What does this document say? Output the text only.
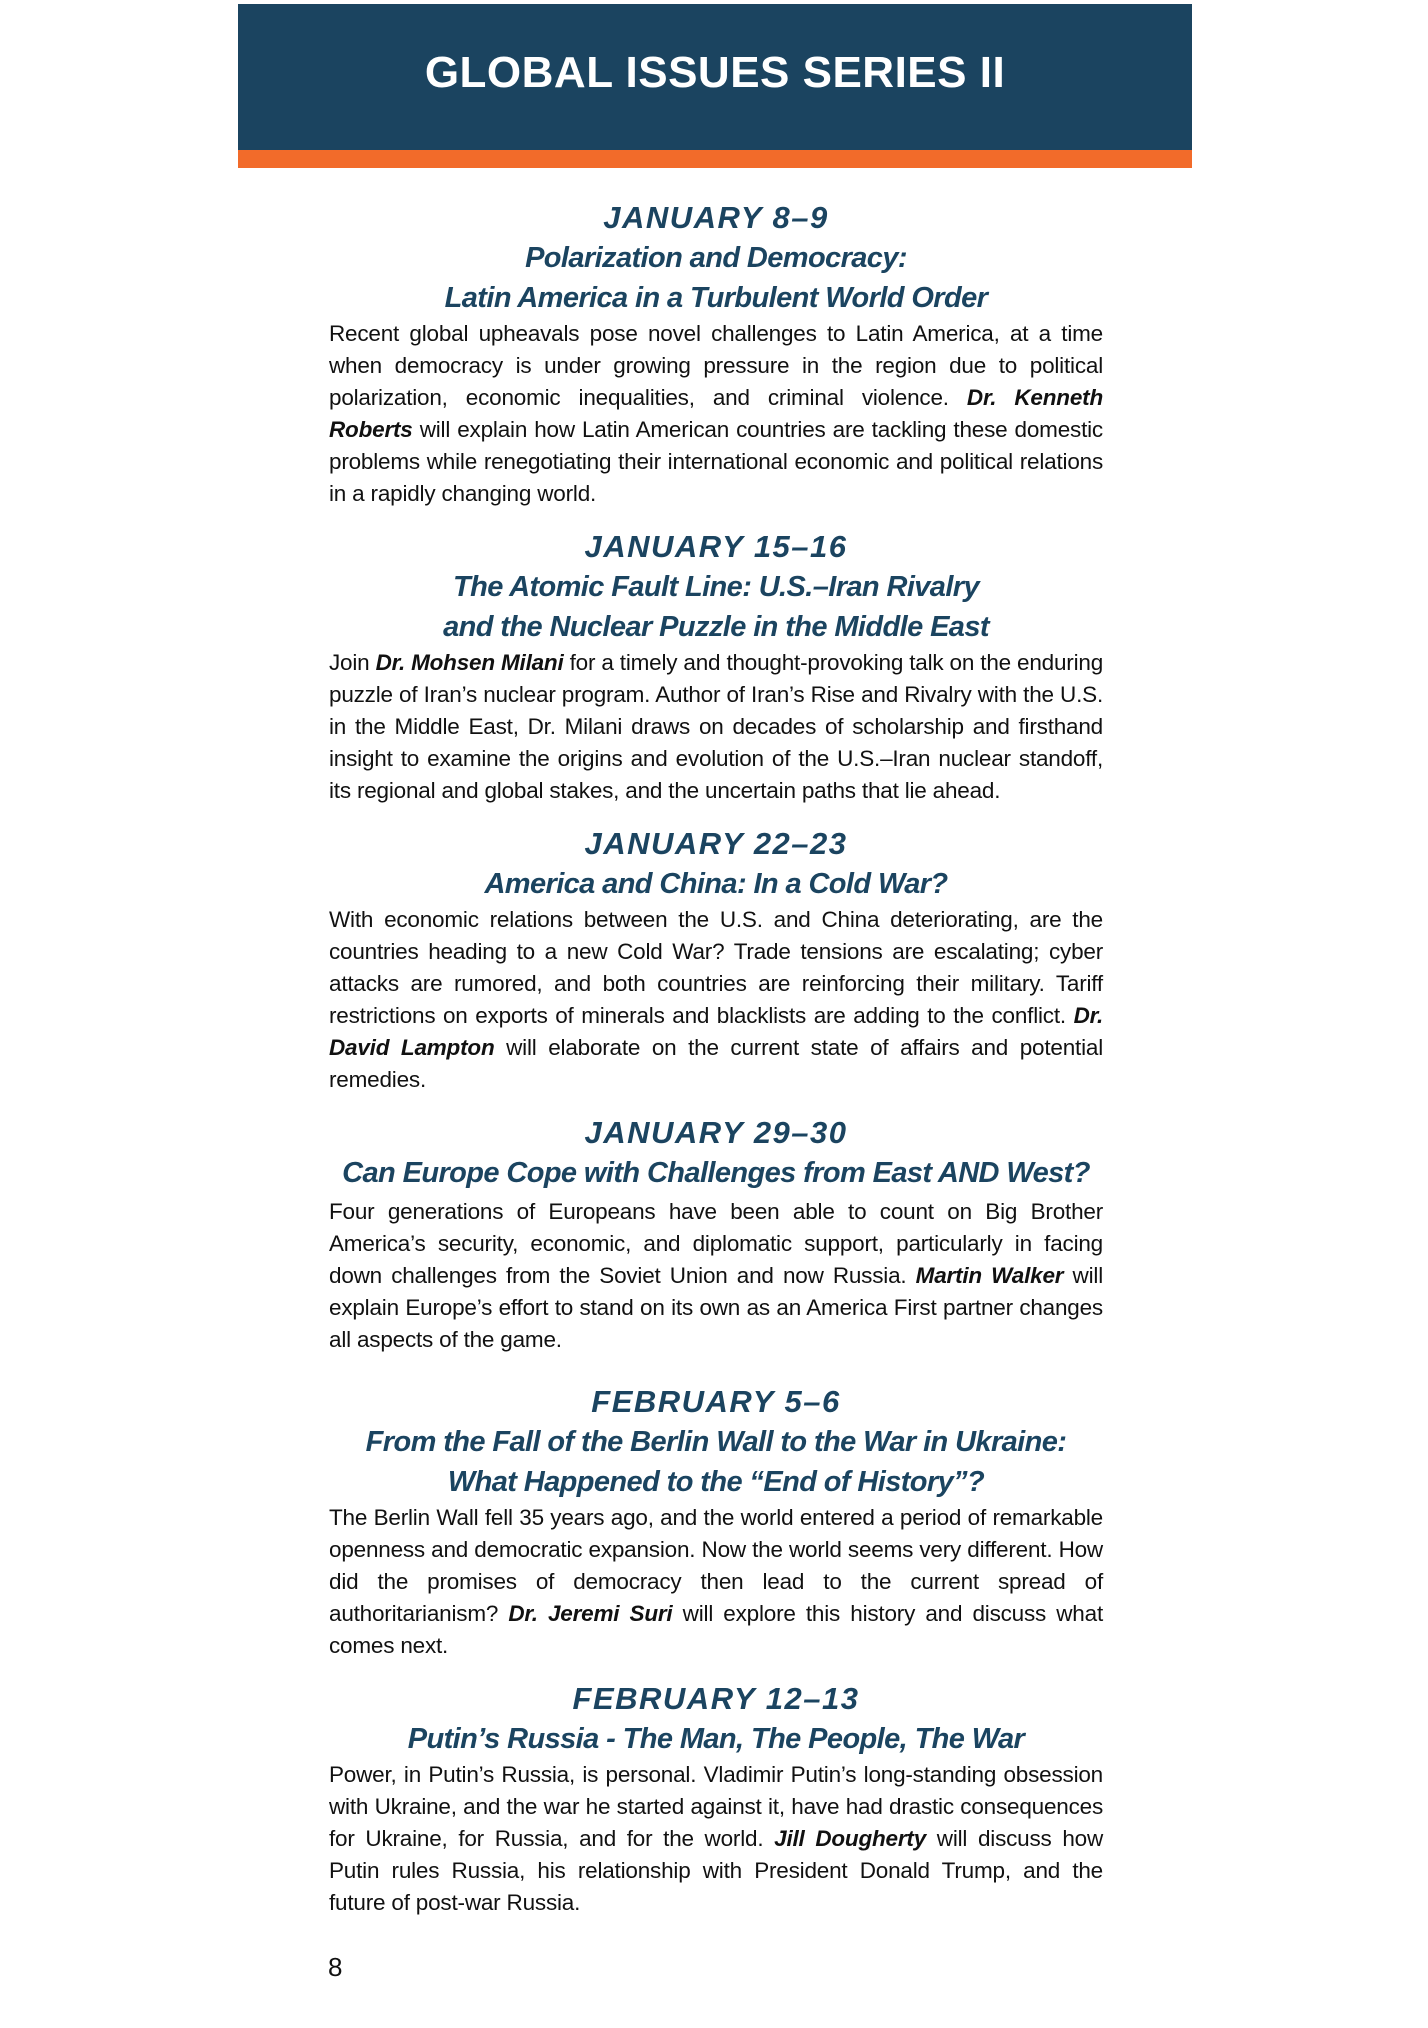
GLOBAL ISSUES SERIES II

JANUARY 8–9

Polarization and Democracy:

Latin America in a Turbulent World Order

Recent global upheavals pose novel challenges to Latin America, at a time when democracy is under growing pressure in the region due to political polarization, economic inequalities, and criminal violence. Dr. Kenneth Roberts will explain how Latin American countries are tackling these domestic problems while renegotiating their international economic and political relations in a rapidly changing world.

JANUARY 15–16

The Atomic Fault Line: U.S.–Iran Rivalry

and the Nuclear Puzzle in the Middle East

Join Dr. Mohsen Milani for a timely and thought-provoking talk on the enduring puzzle of Iran’s nuclear program. Author of Iran’s Rise and Rivalry with the U.S. in the Middle East, Dr. Milani draws on decades of scholarship and firsthand insight to examine the origins and evolution of the U.S.–Iran nuclear standoff, its regional and global stakes, and the uncertain paths that lie ahead.

JANUARY 22–23

America and China: In a Cold War?

With economic relations between the U.S. and China deteriorating, are the countries heading to a new Cold War? Trade tensions are escalating; cyber attacks are rumored, and both countries are reinforcing their military. Tariff restrictions on exports of minerals and blacklists are adding to the conflict. Dr. David Lampton will elaborate on the current state of affairs and potential remedies.

JANUARY 29–30

Can Europe Cope with Challenges from East AND West?

Four generations of Europeans have been able to count on Big Brother America’s security, economic, and diplomatic support, particularly in facing down challenges from the Soviet Union and now Russia. Martin Walker will explain Europe’s effort to stand on its own as an America First partner changes all aspects of the game.

FEBRUARY 5–6

From the Fall of the Berlin Wall to the War in Ukraine:

What Happened to the “End of History”?

The Berlin Wall fell 35 years ago, and the world entered a period of remarkable openness and democratic expansion. Now the world seems very different. How did the promises of democracy then lead to the current spread of authoritarianism? Dr. Jeremi Suri will explore this history and discuss what comes next.

FEBRUARY 12–13

Putin’s Russia - The Man, The People, The War

Power, in Putin’s Russia, is personal. Vladimir Putin’s long-standing obsession with Ukraine, and the war he started against it, have had drastic consequences for Ukraine, for Russia, and for the world. Jill Dougherty will discuss how Putin rules Russia, his relationship with President Donald Trump, and the future of post-war Russia.

8
